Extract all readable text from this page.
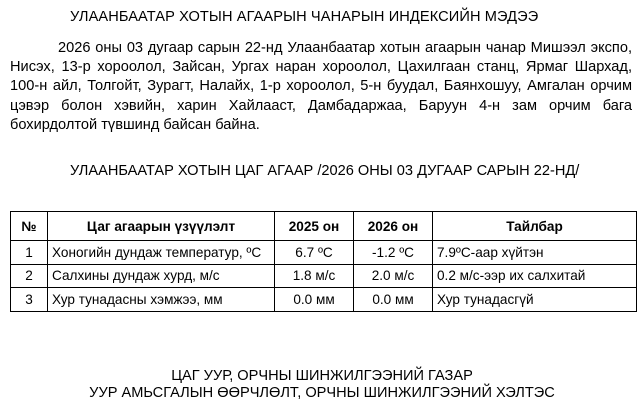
УЛААНБААТАР ХОТЫН АГААРЫН ЧАНАРЫН ИНДЕКСИЙН МЭДЭЭ
2026 оны 03 дугаар сарын 22-нд Улаанбаатар хотын агаарын чанар Мишээл экспо, Нисэх, 13-р хороолол, Зайсан, Ургах наран хороолол, Цахилгаан станц, Ярмаг Шархад, 100-н айл, Толгойт, Зурагт, Налайх, 1-р хороолол, 5-н буудал, Баянхошуу, Амгалан орчим цэвэр болон хэвийн, харин Хайлааст, Дамбадаржаа, Баруун 4-н зам орчим бага бохирдолтой түвшинд байсан байна.
УЛААНБААТАР ХОТЫН ЦАГ АГААР /2026 ОНЫ 03 ДУГААР САРЫН 22-НД/
№	Цаг агаарын үзүүлэлт	2025 он	2026 он	Тайлбар
1	Хоногийн дундаж температур, ºC	6.7 ºC	-1.2 ºC	7.9ºC-аар хүйтэн
2	Салхины дундаж хурд, м/с	1.8 м/с	2.0 м/с	0.2 м/с-ээр их салхитай
3	Хур тунадасны хэмжээ, мм	0.0 мм	0.0 мм	Хур тунадасгүй
ЦАГ УУР, ОРЧНЫ ШИНЖИЛГЭЭНИЙ ГАЗАР
УУР АМЬСГАЛЫН ӨӨРЧЛӨЛТ, ОРЧНЫ ШИНЖИЛГЭЭНИЙ ХЭЛТЭС
